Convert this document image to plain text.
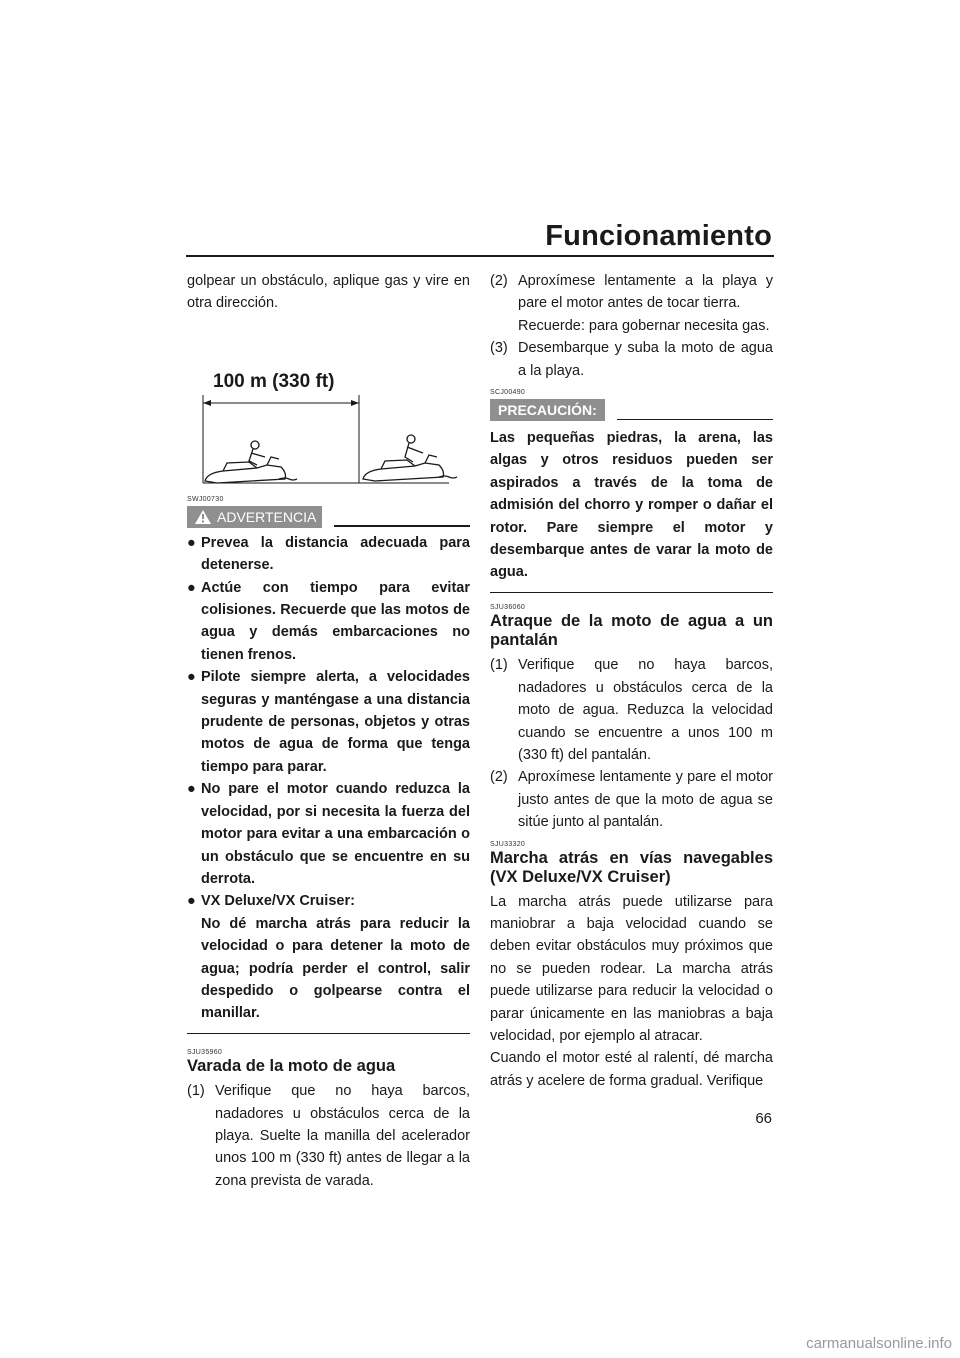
Funcionamiento

golpear un obstáculo, aplique gas y vire en otra dirección.

100 m (330 ft)

SWJ00730

ADVERTENCIA
● Prevea la distancia adecuada para detenerse.
● Actúe con tiempo para evitar colisiones. Recuerde que las motos de agua y demás embarcaciones no tienen frenos.
● Pilote siempre alerta, a velocidades seguras y manténgase a una distancia prudente de personas, objetos y otras motos de agua de forma que tenga tiempo para parar.
● No pare el motor cuando reduzca la velocidad, por si necesita la fuerza del motor para evitar a una embarcación o un obstáculo que se encuentre en su derrota.
● VX Deluxe/VX Cruiser:
No dé marcha atrás para reducir la velocidad o para detener la moto de agua; podría perder el control, salir despedido o golpearse contra el manillar.

SJU35960

Varada de la moto de agua

(1) Verifique que no haya barcos, nadadores u obstáculos cerca de la playa. Suelte la manilla del acelerador unos 100 m (330 ft) antes de llegar a la zona prevista de varada.
(2) Aproxímese lentamente a la playa y pare el motor antes de tocar tierra.
Recuerde: para gobernar necesita gas.
(3) Desembarque y suba la moto de agua a la playa.

SCJ00490

PRECAUCIÓN:

Las pequeñas piedras, la arena, las algas y otros residuos pueden ser aspirados a través de la toma de admisión del chorro y romper o dañar el rotor. Pare siempre el motor y desembarque antes de varar la moto de agua.

SJU36060

Atraque de la moto de agua a un pantalán

(1) Verifique que no haya barcos, nadadores u obstáculos cerca de la moto de agua. Reduzca la velocidad cuando se encuentre a unos 100 m (330 ft) del pantalán.
(2) Aproxímese lentamente y pare el motor justo antes de que la moto de agua se sitúe junto al pantalán.

SJU33320

Marcha atrás en vías navegables (VX Deluxe/VX Cruiser)

La marcha atrás puede utilizarse para maniobrar a baja velocidad cuando se deben evitar obstáculos muy próximos que no se pueden rodear. La marcha atrás puede utilizarse para reducir la velocidad o parar únicamente en las maniobras a baja velocidad, por ejemplo al atracar.

Cuando el motor esté al ralentí, dé marcha atrás y acelere de forma gradual. Verifique

66
carmanualsonline.info
